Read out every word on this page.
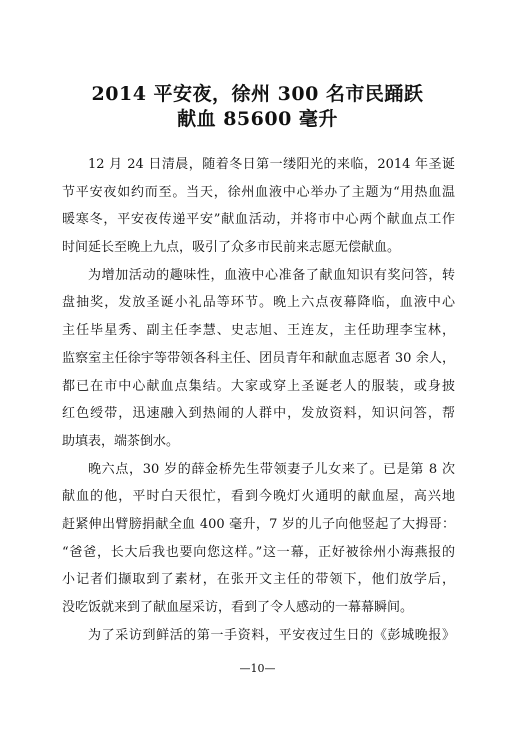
2014 平安夜，徐州 300 名市民踊跃
献血 85600 毫升
12 月 24 日清晨，随着冬日第一缕阳光的来临，2014 年圣诞
节平安夜如约而至。当天，徐州血液中心举办了主题为“用热血温
暖寒冬，平安夜传递平安”献血活动，并将市中心两个献血点工作
时间延长至晚上九点，吸引了众多市民前来志愿无偿献血。
为增加活动的趣味性，血液中心准备了献血知识有奖问答，转
盘抽奖，发放圣诞小礼品等环节。晚上六点夜幕降临，血液中心
主任毕星秀、副主任李慧、史志旭、王连友，主任助理李宝林，
监察室主任徐宇等带领各科主任、团员青年和献血志愿者 30 余人，
都已在市中心献血点集结。大家或穿上圣诞老人的服装，或身披
红色绶带，迅速融入到热闹的人群中，发放资料，知识问答，帮
助填表，端茶倒水。
晚六点，30 岁的薛金桥先生带领妻子儿女来了。已是第 8 次
献血的他，平时白天很忙，看到今晚灯火通明的献血屋，高兴地
赶紧伸出臂膀捐献全血 400 毫升，7 岁的儿子向他竖起了大拇哥：
“爸爸，长大后我也要向您这样。”这一幕，正好被徐州小海燕报的
小记者们撷取到了素材，在张开文主任的带领下，他们放学后，
没吃饭就来到了献血屋采访，看到了令人感动的一幕幕瞬间。
为了采访到鲜活的第一手资料，平安夜过生日的《彭城晚报》
—10—
